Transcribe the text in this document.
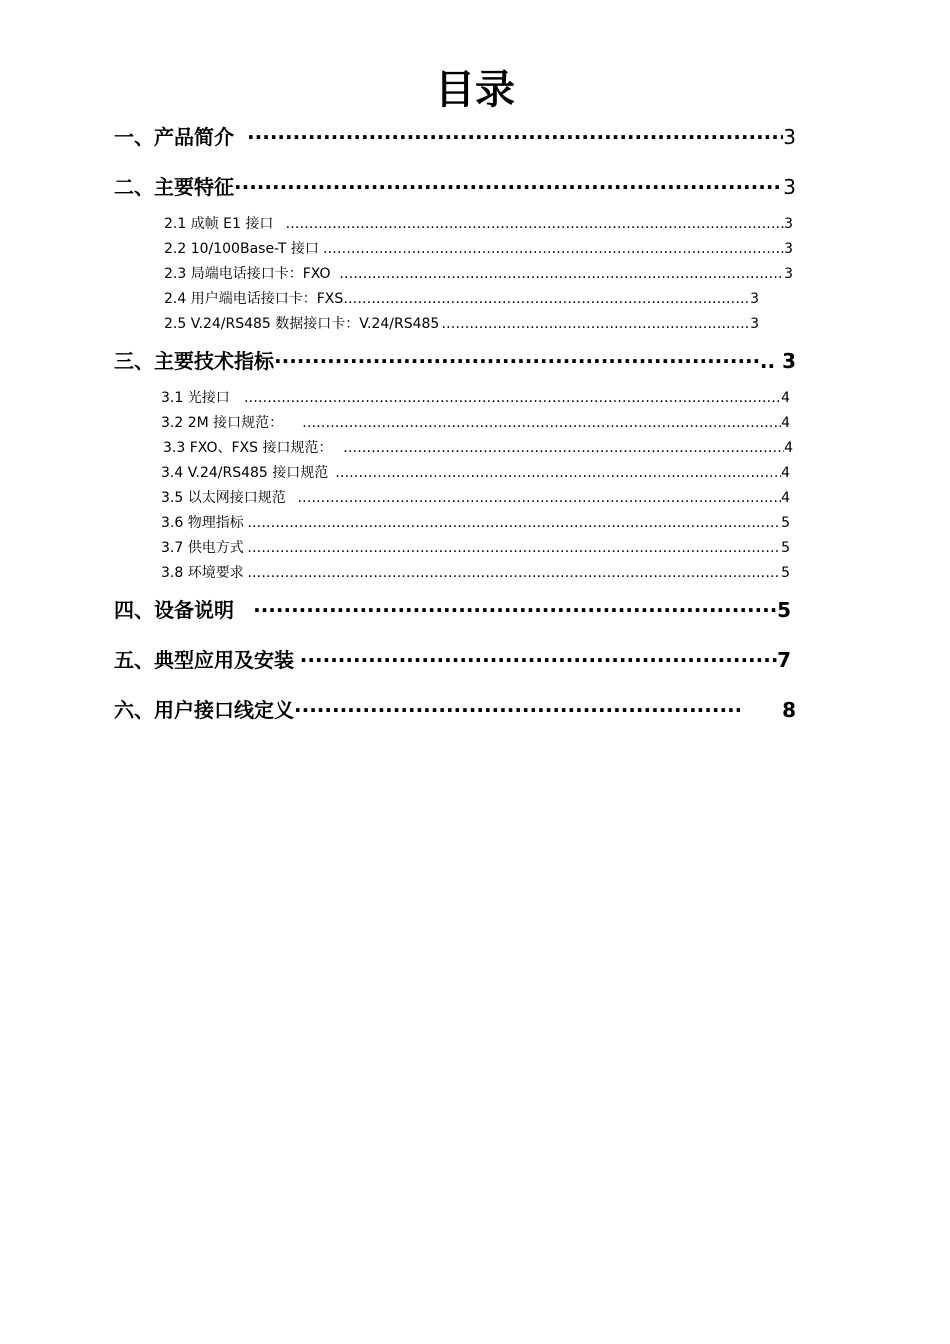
目录
一、产品简介 ·····	3
二、主要特征 ·····	3
2.1 成帧 E1 接口 ……………………………………………………………………………………………………………………………………………………………………………	3
2.2 10/100Base-T 接口 ……………………………………………………………………………………………………………………………………………………………………………	3
2.3 局端电话接口卡：FXO ……………………………………………………………………………………………………………………………………………………………………………	3
2.4 用户端电话接口卡：FXS ……………………………………………………………………………………………………………………………………………………………………………	3
2.5 V.24/RS485 数据接口卡：V.24/RS485 ……………………………………………………………………………………………………………………………………………………………………………	3
三、主要技术指标 ·····	.. 3
3.1 光接口 ……………………………………………………………………………………………………………………………………………………………………………	4
3.2 2M 接口规范： ……………………………………………………………………………………………………………………………………………………………………………	4
3.3 FXO、FXS 接口规范： ……………………………………………………………………………………………………………………………………………………………………………	4
3.4 V.24/RS485 接口规范 ……………………………………………………………………………………………………………………………………………………………………………	4
3.5 以太网接口规范 ……………………………………………………………………………………………………………………………………………………………………………	4
3.6 物理指标 ……………………………………………………………………………………………………………………………………………………………………………	5
3.7 供电方式 ……………………………………………………………………………………………………………………………………………………………………………	5
3.8 环境要求 ……………………………………………………………………………………………………………………………………………………………………………	5
四、设备说明 ·····	5
五、典型应用及安装 ·····	7
六、用户接口线定义 ·····	8
